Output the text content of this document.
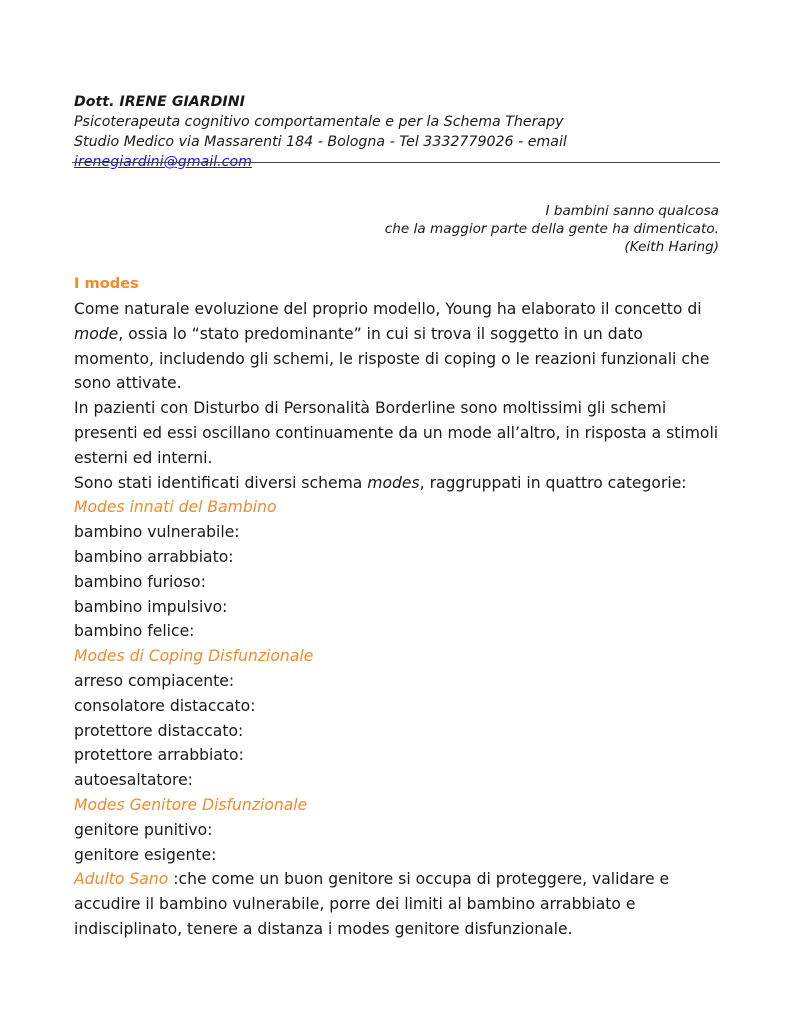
Dott. IRENE GIARDINI
Psicoterapeuta cognitivo comportamentale e per la Schema Therapy
Studio Medico via Massarenti 184 - Bologna - Tel 3332779026 - email irenegiardini@gmail.com
I bambini sanno qualcosa
che la maggior parte della gente ha dimenticato.
(Keith Haring)
I modes

Come naturale evoluzione del proprio modello, Young ha elaborato il concetto di mode, ossia lo “stato predominante” in cui si trova il soggetto in un dato momento, includendo gli schemi, le risposte di coping o le reazioni funzionali che sono attivate.

In pazienti con Disturbo di Personalità Borderline sono moltissimi gli schemi presenti ed essi oscillano continuamente da un mode all’altro, in risposta a stimoli esterni ed interni.

Sono stati identificati diversi schema modes, raggruppati in quattro categorie:

Modes innati del Bambino
bambino vulnerabile:
bambino arrabbiato:
bambino furioso:
bambino impulsivo:
bambino felice:
Modes di Coping Disfunzionale
arreso compiacente:
consolatore distaccato:
protettore distaccato:
protettore arrabbiato:
autoesaltatore:
Modes Genitore Disfunzionale
genitore punitivo:
genitore esigente:

Adulto Sano :che come un buon genitore si occupa di proteggere, validare e accudire il bambino vulnerabile, porre dei limiti al bambino arrabbiato e indisciplinato, tenere a distanza i modes genitore disfunzionale.
